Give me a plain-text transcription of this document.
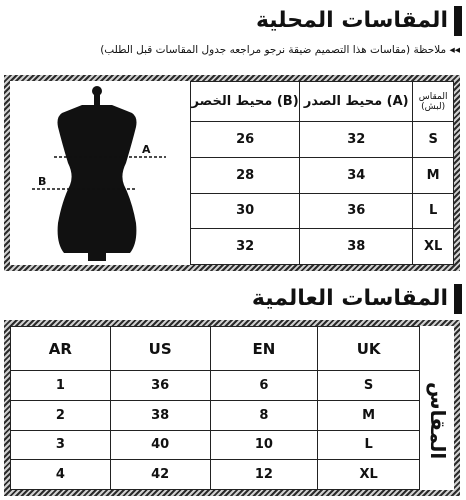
المقاسات المحلية
◂◂ ملاحظة (مقاسات هذا التصميم ضيقة نرجو مراجعه جدول المقاسات قبل الطلب)
A
B
محيط الخصر (B)	محيط الصدر (A)	المقاس
(لبش)

26	32	S
28	34	M
30	36	L
32	38	XL
المقاسات العالمية
AR	US	EN	UK
1	36	6	S
2	38	8	M
3	40	10	L
4	42	12	XL
المقاس
